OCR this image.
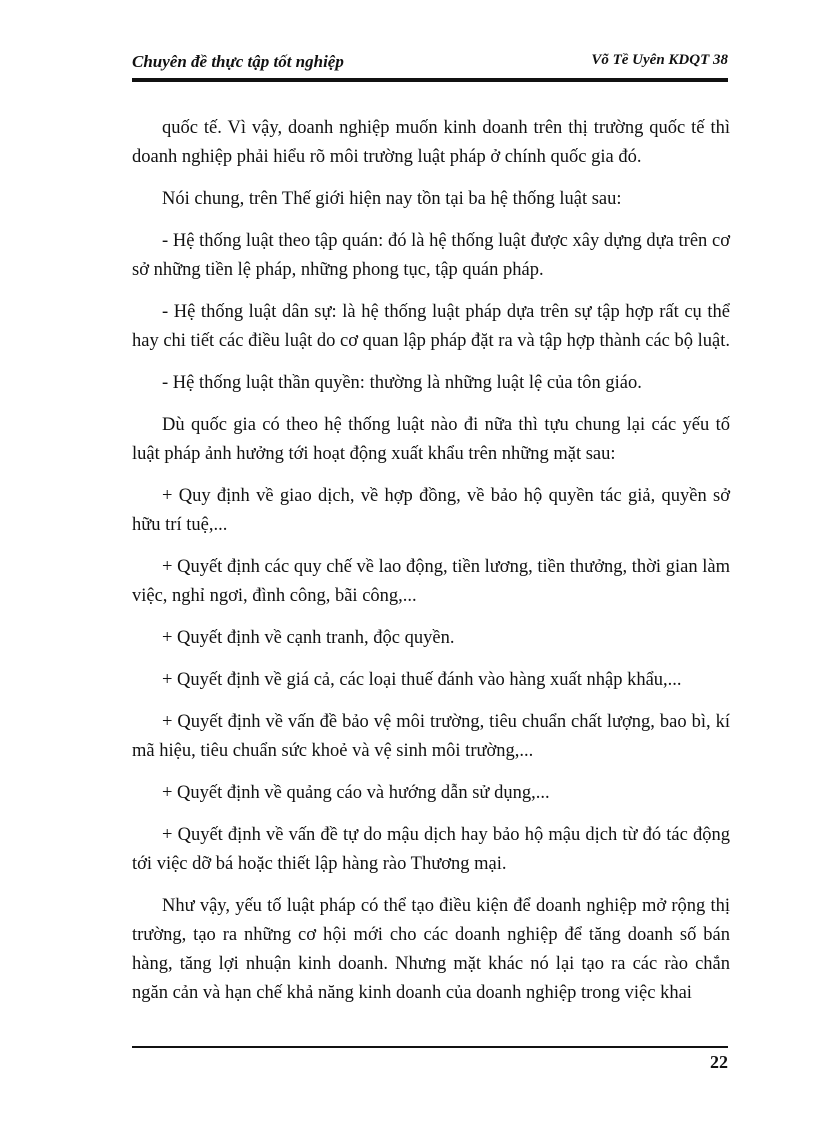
Chuyên đề thực tập tốt nghiệp	Võ Tề Uyên KDQT 38

quốc tế. Vì vậy, doanh nghiệp muốn kinh doanh trên thị trường quốc tế thì doanh nghiệp phải hiểu rõ môi trường luật pháp ở chính quốc gia đó.

Nói chung, trên Thế giới hiện nay tồn tại ba hệ thống luật sau:

- Hệ thống luật theo tập quán: đó là hệ thống luật được xây dựng dựa trên cơ sở những tiền lệ pháp, những phong tục, tập quán pháp.

- Hệ thống luật dân sự: là hệ thống luật pháp dựa trên sự tập hợp rất cụ thể hay chi tiết các điều luật do cơ quan lập pháp đặt ra và tập hợp thành các bộ luật.

- Hệ thống luật thần quyền: thường là những luật lệ của tôn giáo.

Dù quốc gia có theo hệ thống luật nào đi nữa thì tựu chung lại các yếu tố luật pháp ảnh hưởng tới hoạt động xuất khẩu trên những mặt sau:

+ Quy định về giao dịch, về hợp đồng, về bảo hộ quyền tác giả, quyền sở hữu trí tuệ,...

+ Quyết định các quy chế về lao động, tiền lương, tiền thưởng, thời gian làm việc, nghỉ ngơi, đình công, bãi công,...

+ Quyết định về cạnh tranh, độc quyền.

+ Quyết định về giá cả, các loại thuế đánh vào hàng xuất nhập khẩu,...

+ Quyết định về vấn đề bảo vệ môi trường, tiêu chuẩn chất lượng, bao bì, kí mã hiệu, tiêu chuẩn sức khoẻ và vệ sinh môi trường,...

+ Quyết định về quảng cáo và hướng dẫn sử dụng,...

+ Quyết định về vấn đề tự do mậu dịch hay bảo hộ mậu dịch từ đó tác động tới việc dỡ bá hoặc thiết lập hàng rào Thương mại.

Như vậy, yếu tố luật pháp có thể tạo điều kiện để doanh nghiệp mở rộng thị trường, tạo ra những cơ hội mới cho các doanh nghiệp để tăng doanh số bán hàng, tăng lợi nhuận kinh doanh. Nhưng mặt khác nó lại tạo ra các rào chắn ngăn cản và hạn chế khả năng kinh doanh của doanh nghiệp trong việc khai

22
